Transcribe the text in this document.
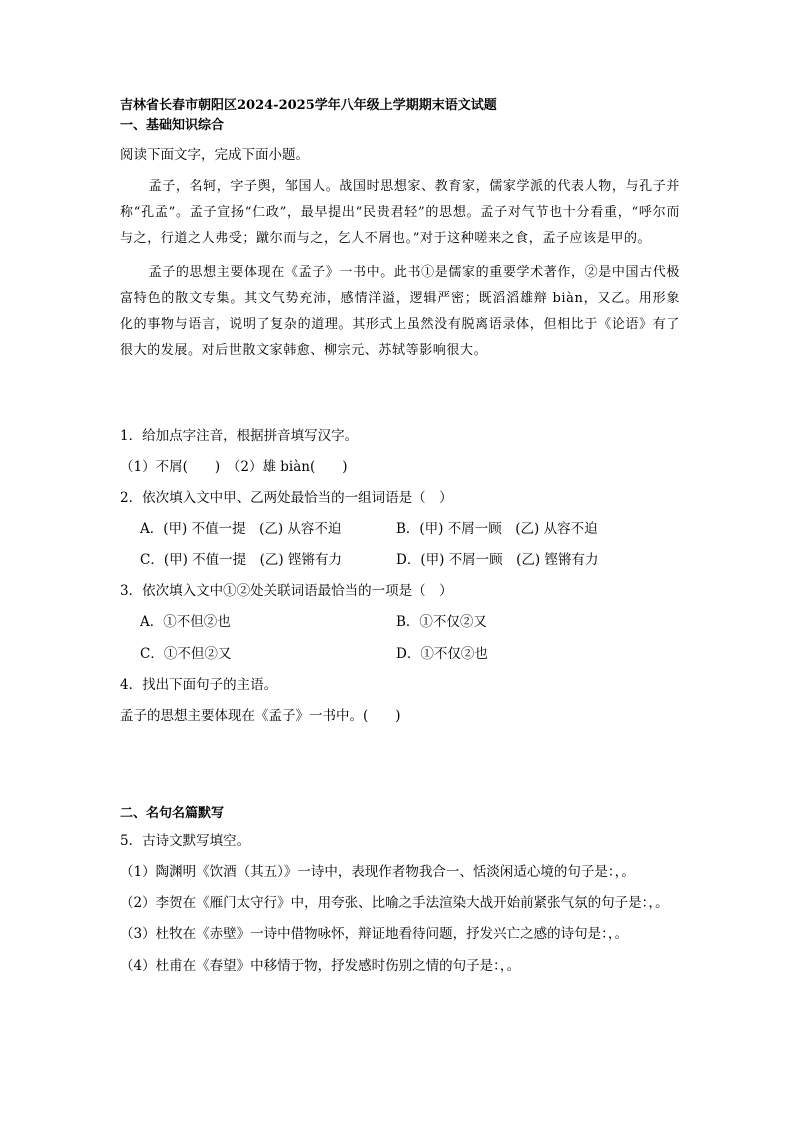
吉林省长春市朝阳区2024-2025学年八年级上学期期末语文试题
一、基础知识综合
阅读下面文字，完成下面小题。

孟子，名轲，字子舆，邹国人。战国时思想家、教育家，儒家学派的代表人物，与孔子并称“孔孟”。孟子宣扬“仁政”，最早提出“民贵君轻”的思想。孟子对气节也十分看重，“呼尔而与之，行道之人弗受；蹴尔而与之，乞人不屑也。”对于这种嗟来之食，孟子应该是甲的。

孟子的思想主要体现在《孟子》一书中。此书①是儒家的重要学术著作，②是中国古代极富特色的散文专集。其文气势充沛，感情洋溢，逻辑严密；既滔滔雄辩 biàn，又乙。用形象化的事物与语言，说明了复杂的道理。其形式上虽然没有脱离语录体，但相比于《论语》有了很大的发展。对后世散文家韩愈、柳宗元、苏轼等影响很大。

1．给加点字注音，根据拼音填写汉字。
（1）不屑(　　)　（2）雄 biàn(　　)
2．依次填入文中甲、乙两处最恰当的一组词语是（　）
A．(甲) 不值一提　(乙) 从容不迫	B．(甲) 不屑一顾　(乙) 从容不迫
C．(甲) 不值一提　(乙) 铿锵有力	D．(甲) 不屑一顾　(乙) 铿锵有力
3．依次填入文中①②处关联词语最恰当的一项是（　）
A．①不但②也	B．①不仅②又
C．①不但②又	D．①不仅②也
4．找出下面句子的主语。
孟子的思想主要体现在《孟子》一书中。(　　)
二、名句名篇默写
5．古诗文默写填空。
（1）陶渊明《饮酒（其五）》一诗中，表现作者物我合一、恬淡闲适心境的句子是：，。
（2）李贺在《雁门太守行》中，用夸张、比喻之手法渲染大战开始前紧张气氛的句子是：，。
（3）杜牧在《赤壁》一诗中借物咏怀，辩证地看待问题，抒发兴亡之感的诗句是：，。
（4）杜甫在《春望》中移情于物，抒发感时伤别之情的句子是：，。
